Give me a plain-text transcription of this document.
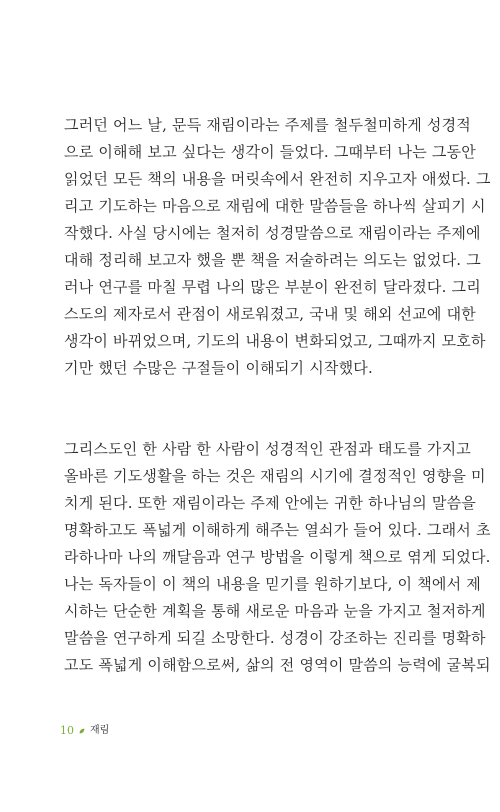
그러던 어느 날, 문득 재림이라는 주제를 철두철미하게 성경적
으로 이해해 보고 싶다는 생각이 들었다. 그때부터 나는 그동안
읽었던 모든 책의 내용을 머릿속에서 완전히 지우고자 애썼다. 그
리고 기도하는 마음으로 재림에 대한 말씀들을 하나씩 살피기 시
작했다. 사실 당시에는 철저히 성경말씀으로 재림이라는 주제에
대해 정리해 보고자 했을 뿐 책을 저술하려는 의도는 없었다. 그
러나 연구를 마칠 무렵 나의 많은 부분이 완전히 달라졌다. 그리
스도의 제자로서 관점이 새로워졌고, 국내 및 해외 선교에 대한
생각이 바뀌었으며, 기도의 내용이 변화되었고, 그때까지 모호하
기만 했던 수많은 구절들이 이해되기 시작했다.
그리스도인 한 사람 한 사람이 성경적인 관점과 태도를 가지고
올바른 기도생활을 하는 것은 재림의 시기에 결정적인 영향을 미
치게 된다. 또한 재림이라는 주제 안에는 귀한 하나님의 말씀을
명확하고도 폭넓게 이해하게 해주는 열쇠가 들어 있다. 그래서 초
라하나마 나의 깨달음과 연구 방법을 이렇게 책으로 엮게 되었다.
나는 독자들이 이 책의 내용을 믿기를 원하기보다, 이 책에서 제
시하는 단순한 계획을 통해 새로운 마음과 눈을 가지고 철저하게
말씀을 연구하게 되길 소망한다. 성경이 강조하는 진리를 명확하
고도 폭넓게 이해함으로써, 삶의 전 영역이 말씀의 능력에 굴복되
10 재림
